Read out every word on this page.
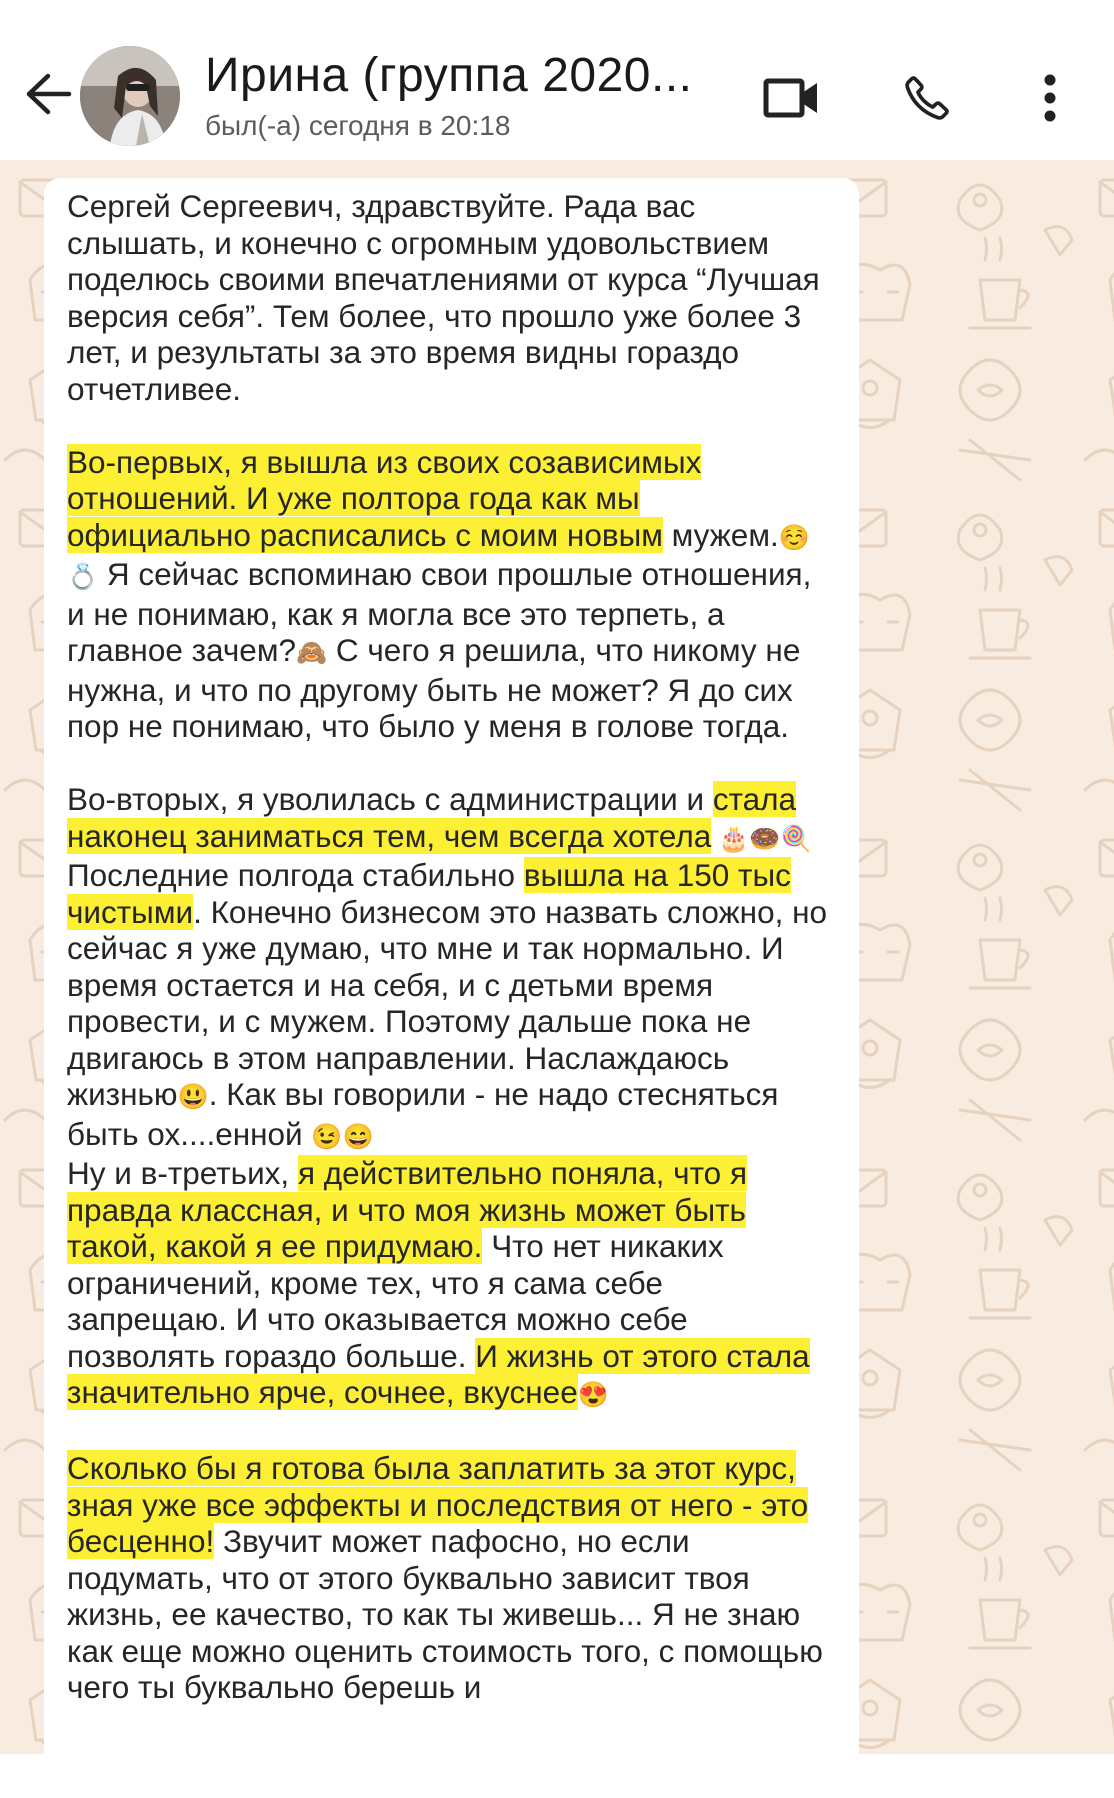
Ирина (группа 2020...
был(-а) сегодня в 20:18

Сергей Сергеевич, здравствуйте. Рада вас слышать, и конечно с огромным удовольствием поделюсь своими впечатлениями от курса “Лучшая версия себя”. Тем более, что прошло уже более 3 лет, и результаты за это время видны гораздо отчетливее.

Во-первых, я вышла из своих созависимых отношений. И уже полтора года как мы официально расписались с моим новым мужем.☺️💍 Я сейчас вспоминаю свои прошлые отношения, и не понимаю, как я могла все это терпеть, а главное зачем?🙈 С чего я решила, что никому не нужна, и что по другому быть не может? Я до сих пор не понимаю, что было у меня в голове тогда.

Во-вторых, я уволилась с администрации и стала наконец заниматься тем, чем всегда хотела 🎂🍩🍭 Последние полгода стабильно вышла на 150 тыс чистыми. Конечно бизнесом это назвать сложно, но сейчас я уже думаю, что мне и так нормально. И время остается и на себя, и с детьми время провести, и с мужем. Поэтому дальше пока не двигаюсь в этом направлении. Наслаждаюсь жизнью😃. Как вы говорили - не надо стесняться быть ох....енной 😉😄

Ну и в-третьих, я действительно поняла, что я правда классная, и что моя жизнь может быть такой, какой я ее придумаю. Что нет никаких ограничений, кроме тех, что я сама себе запрещаю. И что оказывается можно себе позволять гораздо больше. И жизнь от этого стала значительно ярче, сочнее, вкуснее😍

Сколько бы я готова была заплатить за этот курс, зная уже все эффекты и последствия от него - это бесценно! Звучит может пафосно, но если подумать, что от этого буквально зависит твоя жизнь, ее качество, то как ты живешь... Я не знаю как еще можно оценить стоимость того, с помощью чего ты буквально берешь и
